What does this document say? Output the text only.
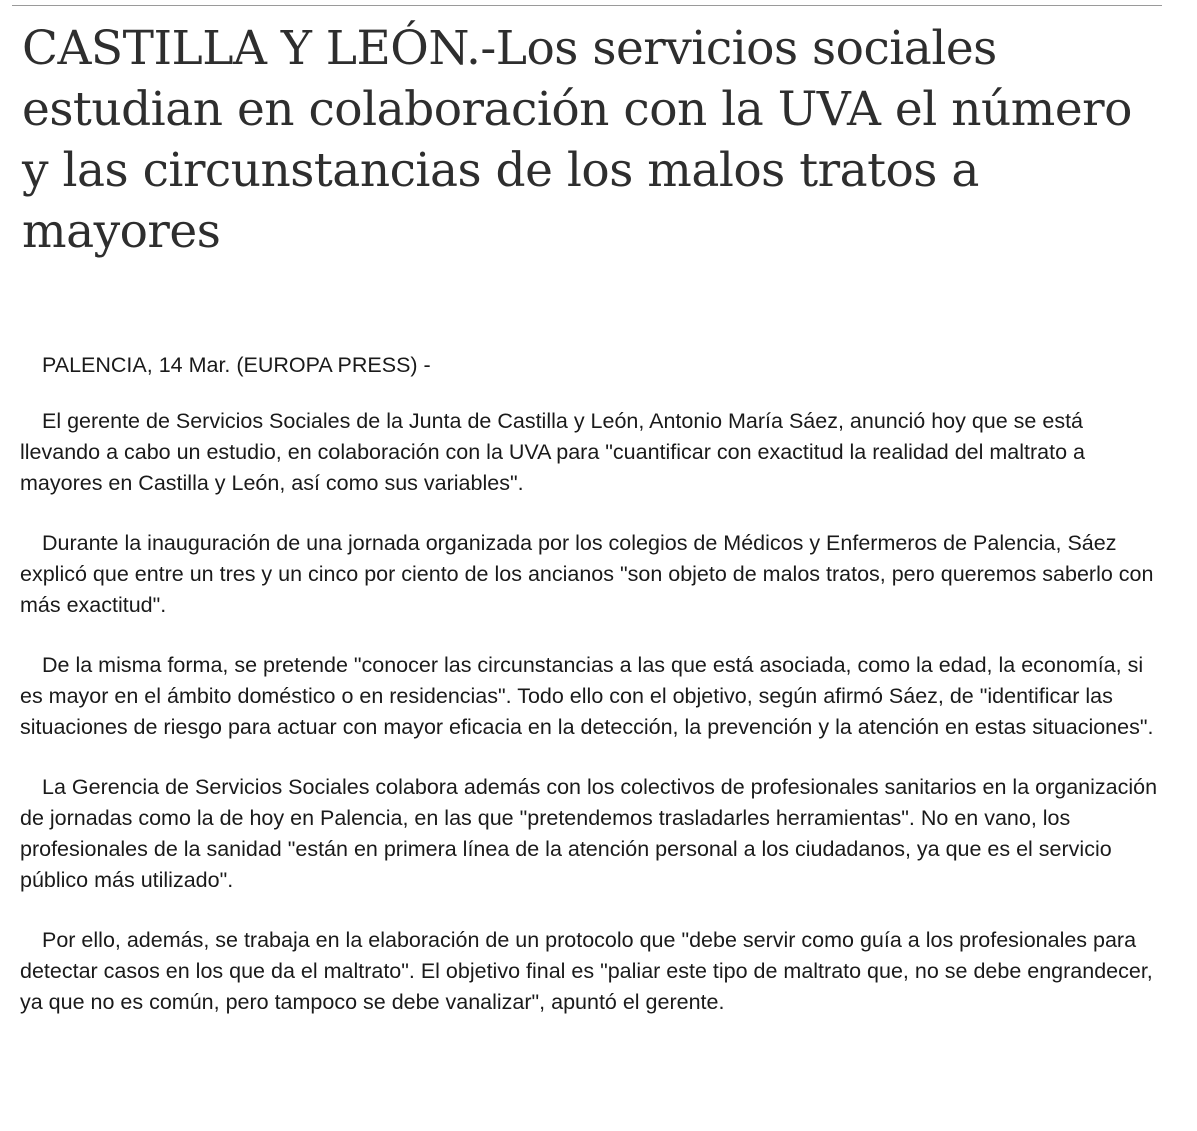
CASTILLA Y LEÓN.-Los servicios sociales estudian en colaboración con la UVA el número y las circunstancias de los malos tratos a mayores

PALENCIA, 14 Mar. (EUROPA PRESS) -

El gerente de Servicios Sociales de la Junta de Castilla y León, Antonio María Sáez, anunció hoy que se está llevando a cabo un estudio, en colaboración con la UVA para "cuantificar con exactitud la realidad del maltrato a mayores en Castilla y León, así como sus variables".

Durante la inauguración de una jornada organizada por los colegios de Médicos y Enfermeros de Palencia, Sáez explicó que entre un tres y un cinco por ciento de los ancianos "son objeto de malos tratos, pero queremos saberlo con más exactitud".

De la misma forma, se pretende "conocer las circunstancias a las que está asociada, como la edad, la economía, si es mayor en el ámbito doméstico o en residencias". Todo ello con el objetivo, según afirmó Sáez, de "identificar las situaciones de riesgo para actuar con mayor eficacia en la detección, la prevención y la atención en estas situaciones".

La Gerencia de Servicios Sociales colabora además con los colectivos de profesionales sanitarios en la organización de jornadas como la de hoy en Palencia, en las que "pretendemos trasladarles herramientas". No en vano, los profesionales de la sanidad "están en primera línea de la atención personal a los ciudadanos, ya que es el servicio público más utilizado".

Por ello, además, se trabaja en la elaboración de un protocolo que "debe servir como guía a los profesionales para detectar casos en los que da el maltrato". El objetivo final es "paliar este tipo de maltrato que, no se debe engrandecer, ya que no es común, pero tampoco se debe vanalizar", apuntó el gerente.
